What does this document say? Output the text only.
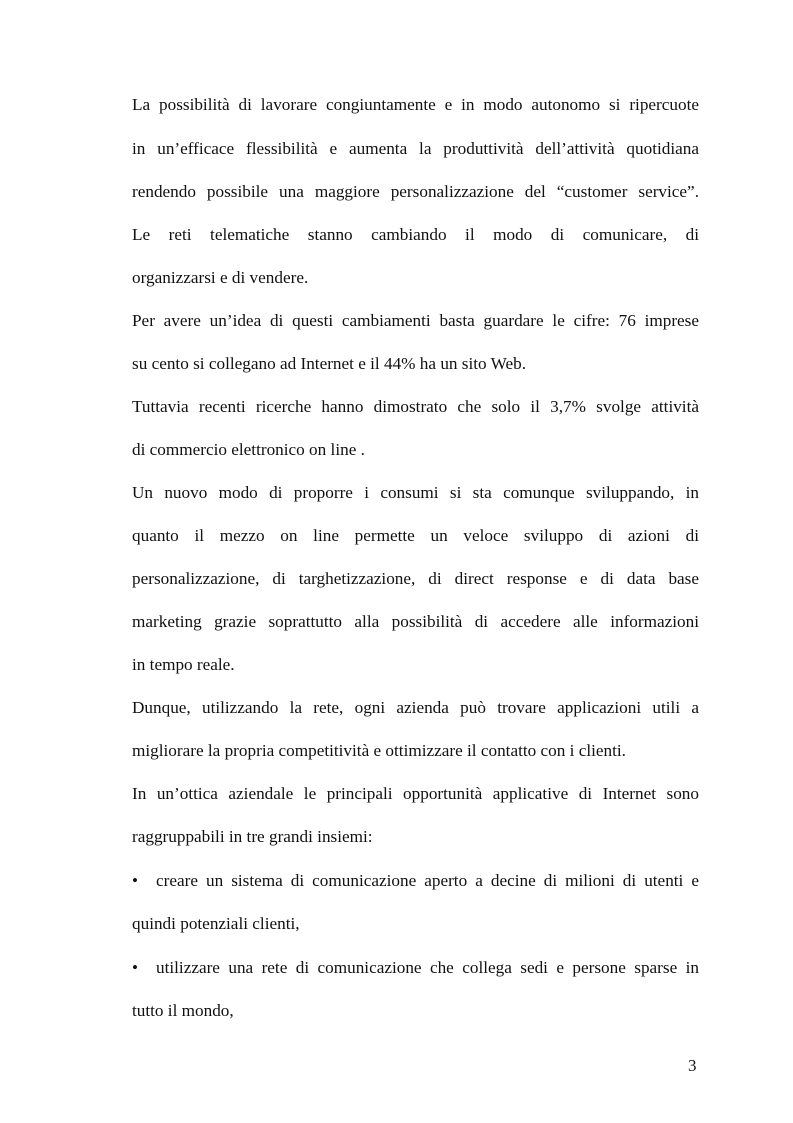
La possibilità di lavorare congiuntamente e in modo autonomo si ripercuote
in un’efficace flessibilità e aumenta la produttività dell’attività quotidiana
rendendo possibile una maggiore personalizzazione del “customer service”.
Le reti telematiche stanno cambiando il modo di comunicare, di
organizzarsi e di vendere.
Per avere un’idea di questi cambiamenti basta guardare le cifre: 76 imprese
su cento si collegano ad Internet e il 44% ha un sito Web.
Tuttavia recenti ricerche hanno dimostrato che solo il 3,7% svolge attività
di commercio elettronico on line .
Un nuovo modo di proporre i consumi si sta comunque sviluppando, in
quanto il mezzo on line permette un veloce sviluppo di azioni di
personalizzazione, di targhetizzazione, di direct response e di data base
marketing grazie soprattutto alla possibilità di accedere alle informazioni
in tempo reale.
Dunque, utilizzando la rete, ogni azienda può trovare applicazioni utili a
migliorare la propria competitività e ottimizzare il contatto con i clienti.
In un’ottica aziendale le principali opportunità applicative di Internet sono
raggruppabili in tre grandi insiemi:
•	creare un sistema di comunicazione aperto a decine di milioni di utenti e
quindi potenziali clienti,
•	utilizzare una rete di comunicazione che collega sedi e persone sparse in
tutto il mondo,
3
